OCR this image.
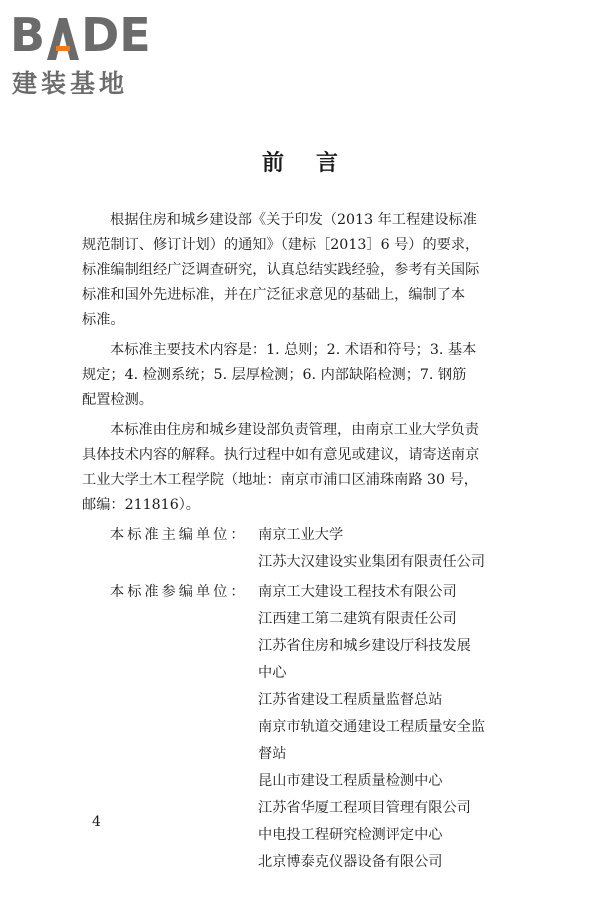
B DE
建装基地
前 言

根据住房和城乡建设部《关于印发（2013 年工程建设标准
规范制订、修订计划）的通知》（建标［2013］6 号）的要求，
标准编制组经广泛调查研究，认真总结实践经验，参考有关国际
标准和国外先进标准，并在广泛征求意见的基础上，编制了本
标准。

本标准主要技术内容是：1. 总则；2. 术语和符号；3. 基本
规定；4. 检测系统；5. 层厚检测；6. 内部缺陷检测；7. 钢筋
配置检测。

本标准由住房和城乡建设部负责管理，由南京工业大学负责
具体技术内容的解释。执行过程中如有意见或建议，请寄送南京
工业大学土木工程学院（地址：南京市浦口区浦珠南路 30 号，
邮编：211816）。

本标准主编单位： 南京工业大学
江苏大汉建设实业集团有限责任公司
本标准参编单位： 南京工大建设工程技术有限公司
江西建工第二建筑有限责任公司
江苏省住房和城乡建设厅科技发展
中心
江苏省建设工程质量监督总站
南京市轨道交通建设工程质量安全监
督站
昆山市建设工程质量检测中心
江苏省华厦工程项目管理有限公司
中电投工程研究检测评定中心
北京博泰克仪器设备有限公司
4
